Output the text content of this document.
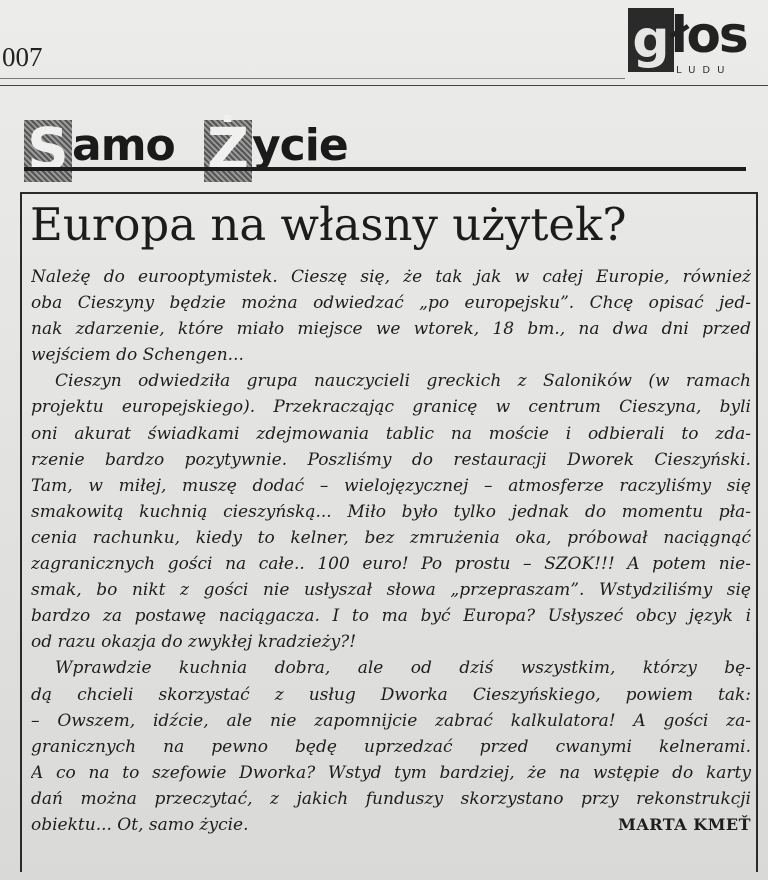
007	g łos
LUDU
S amo Ż ycie
Europa na własny użytek?
Należę do eurooptymistek. Cieszę się, że tak jak w całej Europie, również
oba Cieszyny będzie można odwiedzać „po europejsku”. Chcę opisać jed-
nak zdarzenie, które miało miejsce we wtorek, 18 bm., na dwa dni przed
wejściem do Schengen...
Cieszyn odwiedziła grupa nauczycieli greckich z Saloników (w ramach
projektu europejskiego). Przekraczając granicę w centrum Cieszyna, byli
oni akurat świadkami zdejmowania tablic na moście i odbierali to zda-
rzenie bardzo pozytywnie. Poszliśmy do restauracji Dworek Cieszyński.
Tam, w miłej, muszę dodać – wielojęzycznej – atmosferze raczyliśmy się
smakowitą kuchnią cieszyńską... Miło było tylko jednak do momentu pła-
cenia rachunku, kiedy to kelner, bez zmrużenia oka, próbował naciągnąć
zagranicznych gości na całe.. 100 euro! Po prostu – SZOK!!! A potem nie-
smak, bo nikt z gości nie usłyszał słowa „przepraszam”. Wstydziliśmy się
bardzo za postawę naciągacza. I to ma być Europa? Usłyszeć obcy język i
od razu okazja do zwykłej kradzieży?!
Wprawdzie kuchnia dobra, ale od dziś wszystkim, którzy bę-
dą chcieli skorzystać z usług Dworka Cieszyńskiego, powiem tak:
– Owszem, idźcie, ale nie zapomnijcie zabrać kalkulatora! A gości za-
granicznych na pewno będę uprzedzać przed cwanymi kelnerami.
A co na to szefowie Dworka? Wstyd tym bardziej, że na wstępie do karty
dań można przeczytać, z jakich funduszy skorzystano przy rekonstrukcji
obiektu... Ot, samo życie.	MARTA KMEŤ
